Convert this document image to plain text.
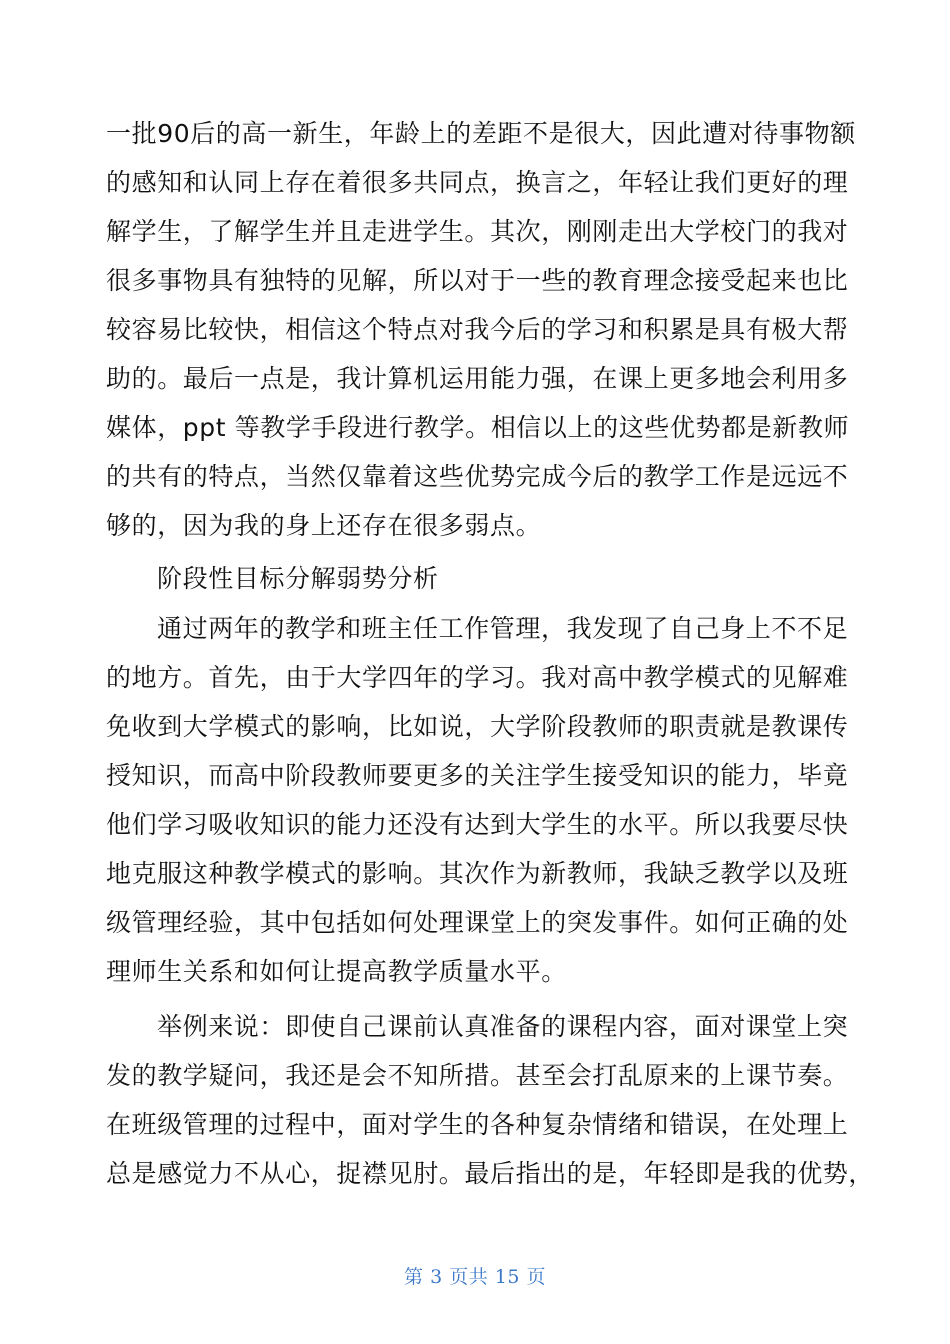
一批90后的高一新生，年龄上的差距不是很大，因此遭对待事物额
的感知和认同上存在着很多共同点，换言之，年轻让我们更好的理
解学生，了解学生并且走进学生。其次，刚刚走出大学校门的我对
很多事物具有独特的见解，所以对于一些的教育理念接受起来也比
较容易比较快，相信这个特点对我今后的学习和积累是具有极大帮
助的。最后一点是，我计算机运用能力强，在课上更多地会利用多
媒体，ppt 等教学手段进行教学。相信以上的这些优势都是新教师
的共有的特点，当然仅靠着这些优势完成今后的教学工作是远远不
够的，因为我的身上还存在很多弱点。
阶段性目标分解弱势分析
通过两年的教学和班主任工作管理，我发现了自己身上不不足
的地方。首先，由于大学四年的学习。我对高中教学模式的见解难
免收到大学模式的影响，比如说，大学阶段教师的职责就是教课传
授知识，而高中阶段教师要更多的关注学生接受知识的能力，毕竟
他们学习吸收知识的能力还没有达到大学生的水平。所以我要尽快
地克服这种教学模式的影响。其次作为新教师，我缺乏教学以及班
级管理经验，其中包括如何处理课堂上的突发事件。如何正确的处
理师生关系和如何让提高教学质量水平。
举例来说：即使自己课前认真准备的课程内容，面对课堂上突
发的教学疑问，我还是会不知所措。甚至会打乱原来的上课节奏。
在班级管理的过程中，面对学生的各种复杂情绪和错误，在处理上
总是感觉力不从心，捉襟见肘。最后指出的是，年轻即是我的优势，
第 3 页共 15 页
